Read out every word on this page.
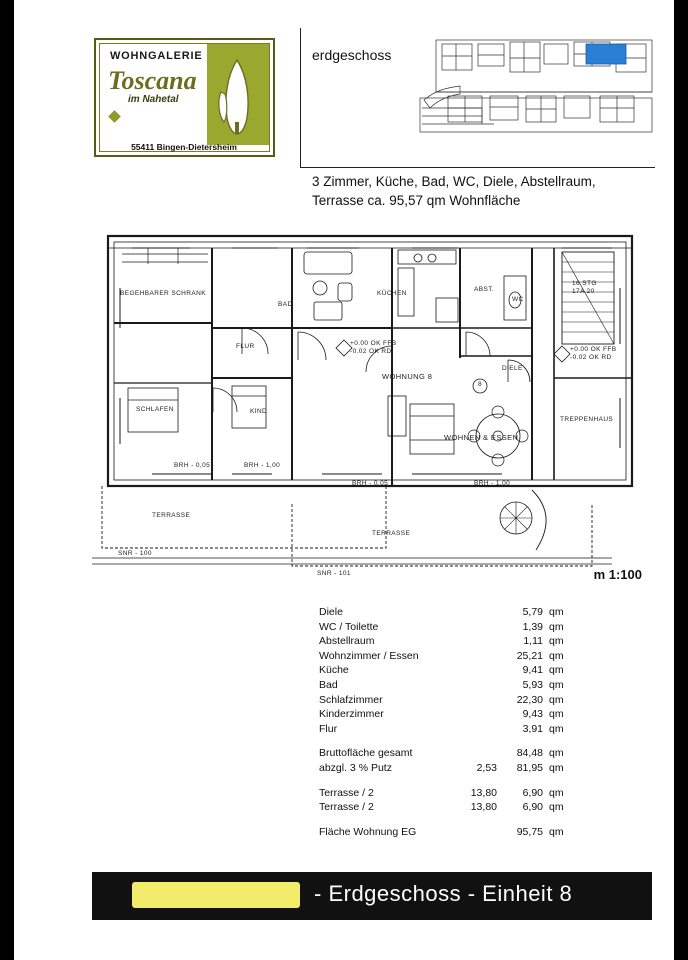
WOHNGALERIE
Toscana
im Nahetal
55411 Bingen-Dietersheim
erdgeschoss
3 Zimmer, Küche, Bad, WC, Diele, Abstellraum,
Terrasse ca. 95,57 qm Wohnfläche
BEGEHBARER SCHRANK
BAD
KÜCHEN
ABST.
WC
16 STG
17A 20
FLUR	+0.00 OK FFB
-0.02 OK RD
WOHNUNG 8
DIELE
+0.00 OK FFB
-0.02 OK RD
8
SCHLAFEN	KIND
WOHNEN & ESSEN
TREPPENHAUS
BRH - 0,05	BRH - 1,00
BRH - 0,05	BRH - 1,00
TERRASSE
TERRASSE
SNR - 100
SNR - 101	m 1:100
Diele	5,79 qm
WC / Toilette	1,39 qm
Abstellraum	1,11 qm
Wohnzimmer / Essen	25,21 qm
Küche	9,41 qm
Bad	5,93 qm
Schlafzimmer	22,30 qm
Kinderzimmer	9,43 qm
Flur	3,91 qm
Bruttofläche gesamt	84,48 qm
abzgl. 3 % Putz	2,53	81,95 qm
Terrasse / 2	13,80	6,90 qm
Terrasse / 2	13,80	6,90 qm
Fläche Wohnung EG	95,75 qm
- Erdgeschoss - Einheit 8
